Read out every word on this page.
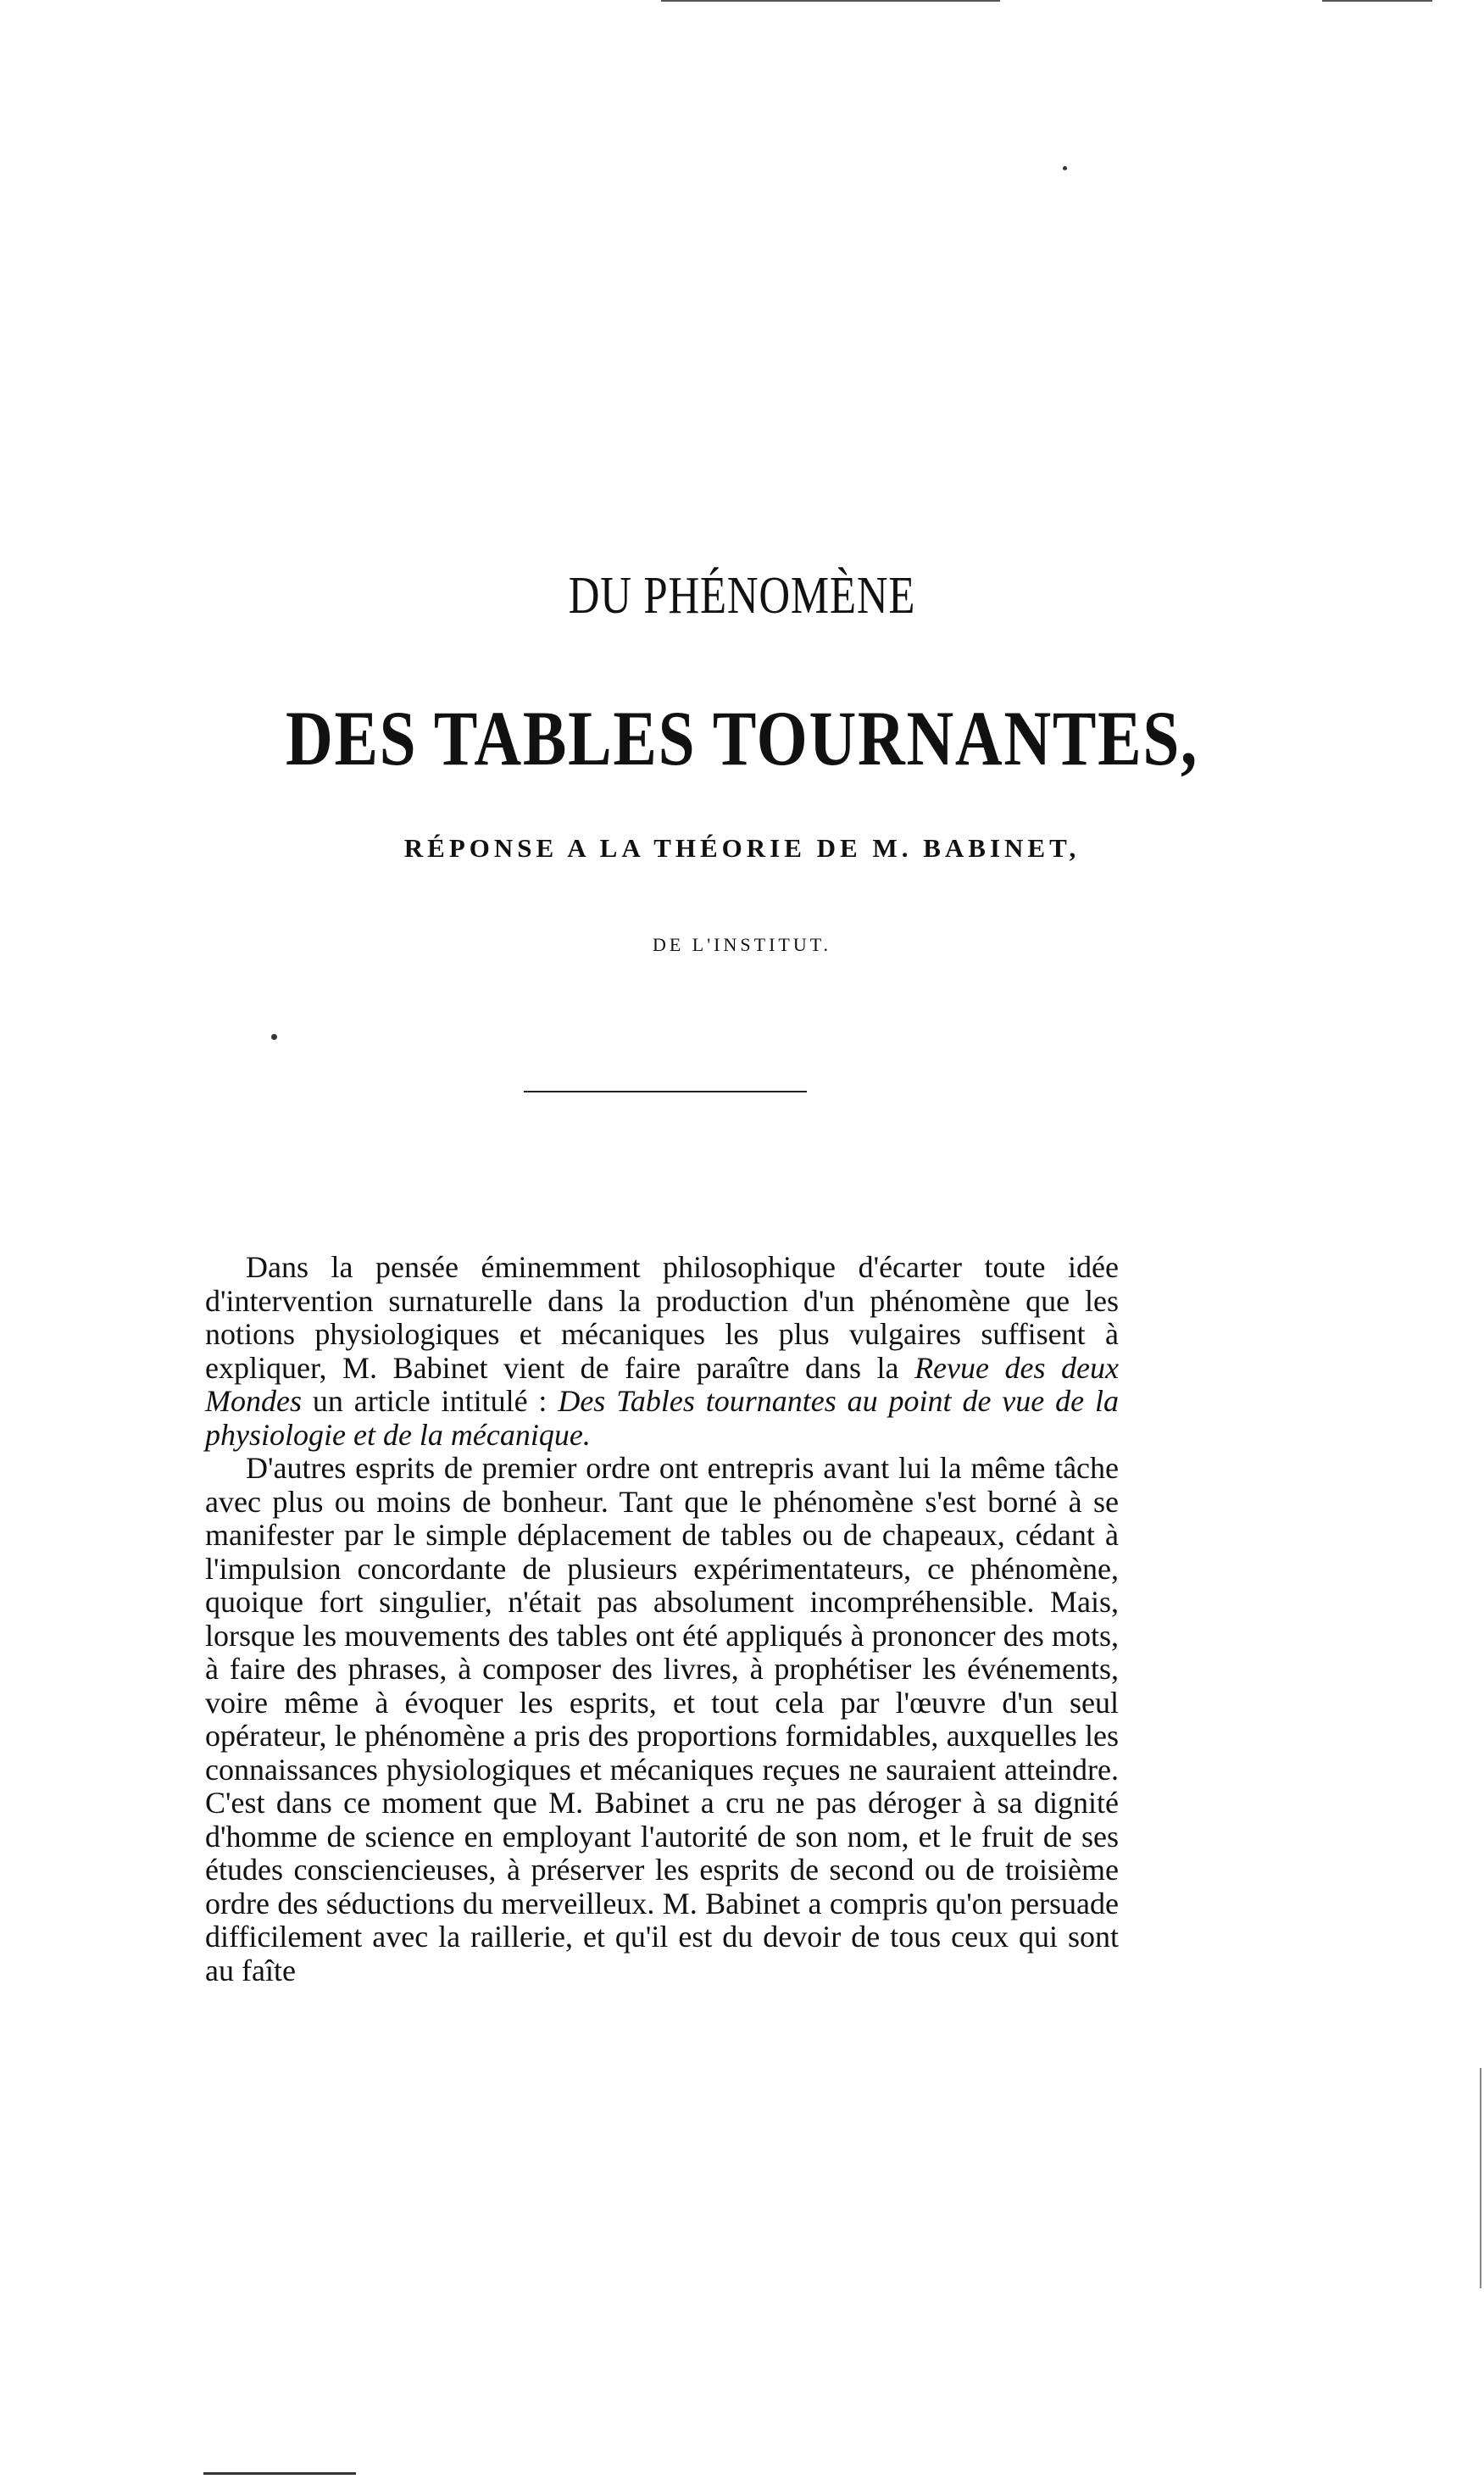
DU PHÉNOMÈNE
DES TABLES TOURNANTES,
RÉPONSE A LA THÉORIE DE M. BABINET,
DE L'INSTITUT.

Dans la pensée éminemment philosophique d'écarter toute idée d'intervention surnaturelle dans la production d'un phénomène que les notions physiologiques et mécaniques les plus vulgaires suffisent à expliquer, M. Babinet vient de faire paraître dans la Revue des deux Mondes un article intitulé : Des Tables tournantes au point de vue de la physiologie et de la mécanique.

D'autres esprits de premier ordre ont entrepris avant lui la même tâche avec plus ou moins de bonheur. Tant que le phénomène s'est borné à se manifester par le simple déplacement de tables ou de chapeaux, cédant à l'impulsion concordante de plusieurs expérimentateurs, ce phénomène, quoique fort singulier, n'était pas absolument incompréhensible. Mais, lorsque les mouvements des tables ont été appliqués à prononcer des mots, à faire des phrases, à composer des livres, à prophétiser les événements, voire même à évoquer les esprits, et tout cela par l'œuvre d'un seul opérateur, le phénomène a pris des proportions formidables, auxquelles les connaissances physiologiques et mécaniques reçues ne sauraient atteindre. C'est dans ce moment que M. Babinet a cru ne pas déroger à sa dignité d'homme de science en employant l'autorité de son nom, et le fruit de ses études consciencieuses, à préserver les esprits de second ou de troisième ordre des séductions du merveilleux. M. Babinet a compris qu'on persuade difficilement avec la raillerie, et qu'il est du devoir de tous ceux qui sont au faîte
